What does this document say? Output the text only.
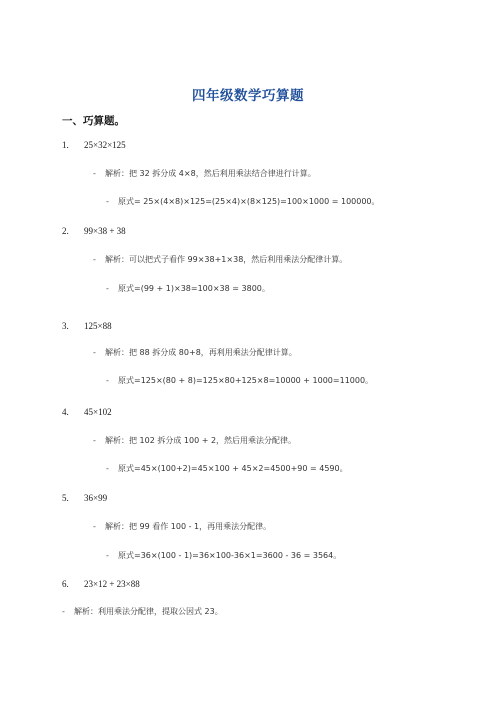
四年级数学巧算题
一、巧算题。
1. 25×32×125
- 解析：把 32 拆分成 4×8，然后利用乘法结合律进行计算。
- 原式= 25×(4×8)×125=(25×4)×(8×125)=100×1000 = 100000。
2. 99×38 + 38
- 解析：可以把式子看作 99×38+1×38，然后利用乘法分配律计算。
- 原式=(99 + 1)×38=100×38 = 3800。
3. 125×88
- 解析：把 88 拆分成 80+8，再利用乘法分配律计算。
- 原式=125×(80 + 8)=125×80+125×8=10000 + 1000=11000。
4. 45×102
- 解析：把 102 拆分成 100 + 2，然后用乘法分配律。
- 原式=45×(100+2)=45×100 + 45×2=4500+90 = 4590。
5. 36×99
- 解析：把 99 看作 100 - 1，再用乘法分配律。
- 原式=36×(100 - 1)=36×100-36×1=3600 - 36 = 3564。
6. 23×12 + 23×88
- 解析：利用乘法分配律，提取公因式 23。
